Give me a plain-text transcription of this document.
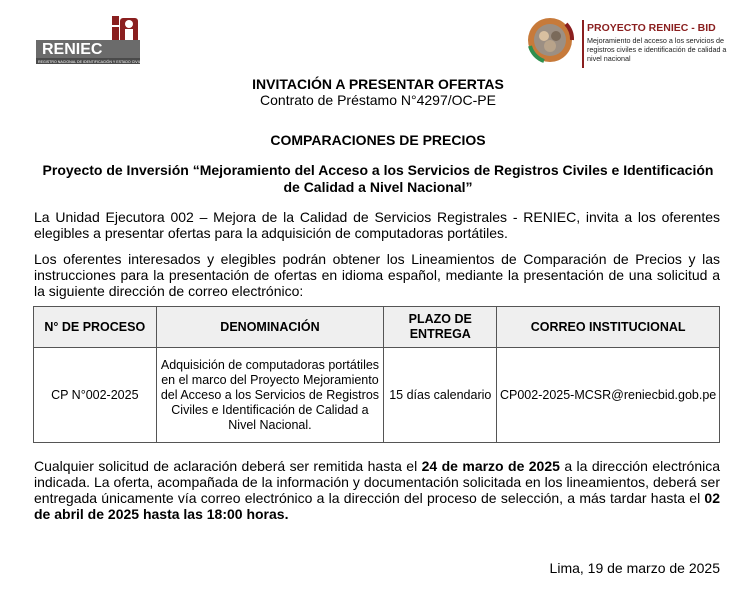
RENIEC
REGISTRO NACIONAL DE IDENTIFICACIÓN Y ESTADO CIVIL
PROYECTO RENIEC - BID
Mejoramiento del acceso a los servicios de registros civiles e identificación de calidad a nivel nacional
INVITACIÓN A PRESENTAR OFERTAS
Contrato de Préstamo N°4297/OC-PE
COMPARACIONES DE PRECIOS
Proyecto de Inversión “Mejoramiento del Acceso a los Servicios de Registros Civiles e Identificación de Calidad a Nivel Nacional”
La Unidad Ejecutora 002 – Mejora de la Calidad de Servicios Registrales - RENIEC, invita a los oferentes elegibles a presentar ofertas para la adquisición de computadoras portátiles.
Los oferentes interesados y elegibles podrán obtener los Lineamientos de Comparación de Precios y las instrucciones para la presentación de ofertas en idioma español, mediante la presentación de una solicitud a la siguiente dirección de correo electrónico:
N° DE PROCESO	DENOMINACIÓN	PLAZO DE ENTREGA	CORREO INSTITUCIONAL
CP N°002-2025	Adquisición de computadoras portátiles en el marco del Proyecto Mejoramiento del Acceso a los Servicios de Registros Civiles e Identificación de Calidad a Nivel Nacional.	15 días calendario	CP002-2025-MCSR@reniecbid.gob.pe
Cualquier solicitud de aclaración deberá ser remitida hasta el 24 de marzo de 2025 a la dirección electrónica indicada. La oferta, acompañada de la información y documentación solicitada en los lineamientos, deberá ser entregada únicamente vía correo electrónico a la dirección del proceso de selección, a más tardar hasta el 02 de abril de 2025 hasta las 18:00 horas.
Lima, 19 de marzo de 2025
